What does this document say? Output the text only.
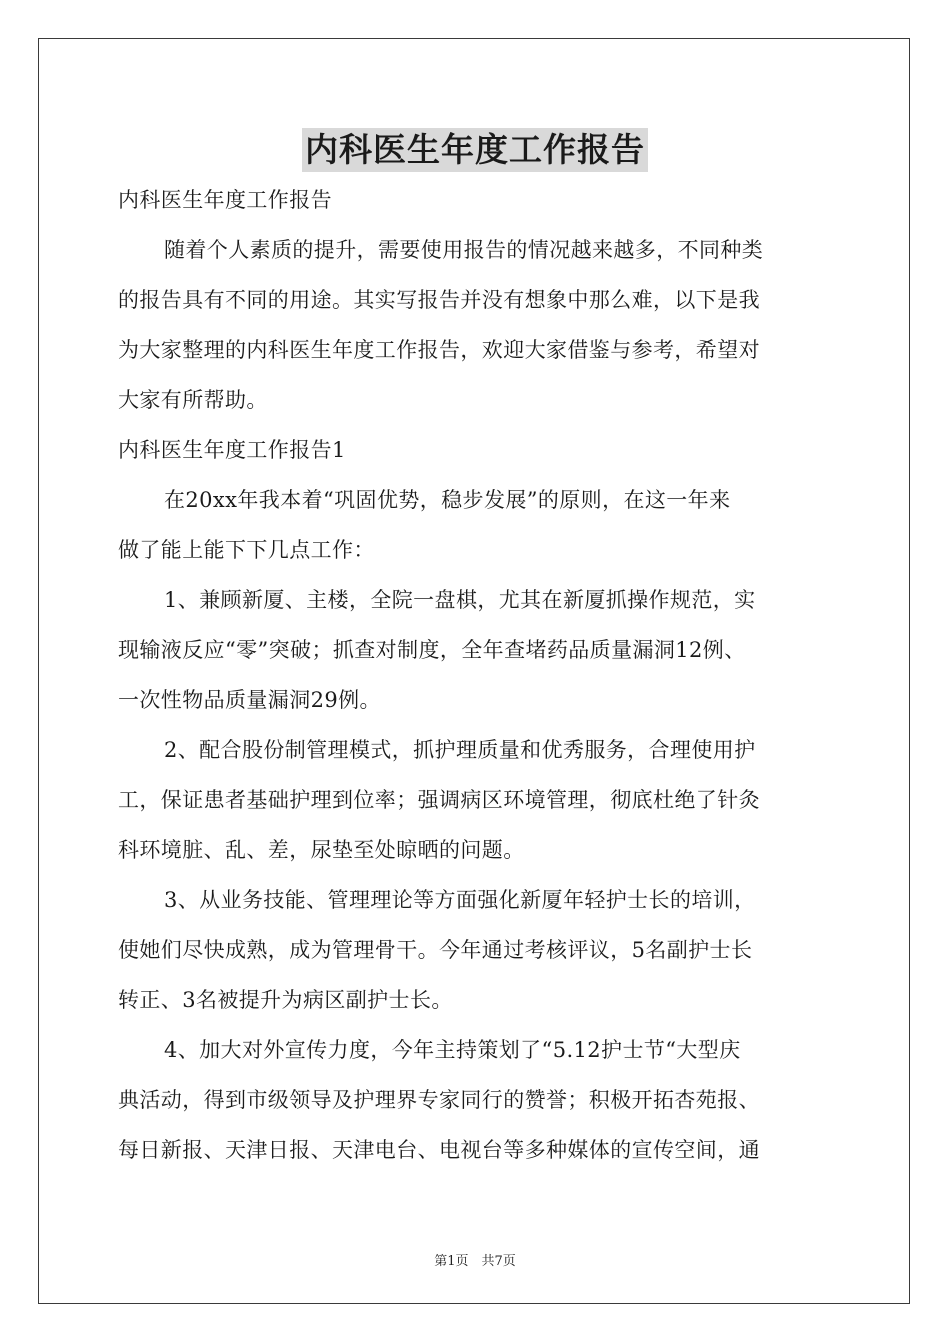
内科医生年度工作报告
内科医生年度工作报告
随着个人素质的提升，需要使用报告的情况越来越多，不同种类
的报告具有不同的用途。其实写报告并没有想象中那么难，以下是我
为大家整理的内科医生年度工作报告，欢迎大家借鉴与参考，希望对
大家有所帮助。
内科医生年度工作报告1
在20xx年我本着“巩固优势，稳步发展”的原则，在这一年来
做了能上能下下几点工作：
1、兼顾新厦、主楼，全院一盘棋，尤其在新厦抓操作规范，实
现输液反应“零”突破；抓查对制度，全年查堵药品质量漏洞12例、
一次性物品质量漏洞29例。
2、配合股份制管理模式，抓护理质量和优秀服务，合理使用护
工，保证患者基础护理到位率；强调病区环境管理，彻底杜绝了针灸
科环境脏、乱、差，尿垫至处晾晒的问题。
3、从业务技能、管理理论等方面强化新厦年轻护士长的培训，
使她们尽快成熟，成为管理骨干。今年通过考核评议，5名副护士长
转正、3名被提升为病区副护士长。
4、加大对外宣传力度，今年主持策划了“5.12护士节“大型庆
典活动，得到市级领导及护理界专家同行的赞誉；积极开拓杏苑报、
每日新报、天津日报、天津电台、电视台等多种媒体的宣传空间，通
第1页　共7页
